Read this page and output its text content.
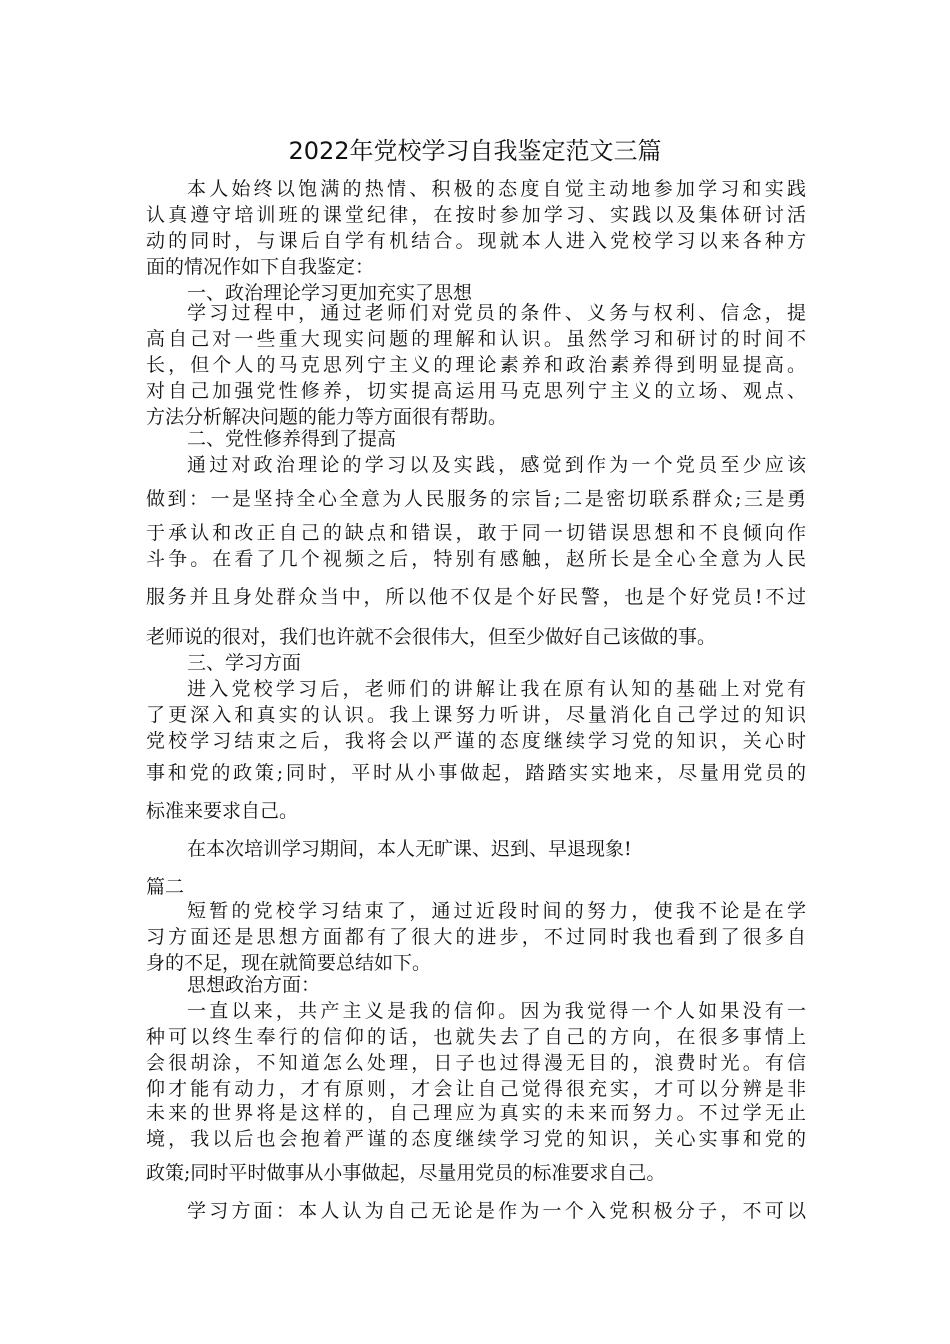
2022年党校学习自我鉴定范文三篇
本人始终以饱满的热情、积极的态度自觉主动地参加学习和实践
认真遵守培训班的课堂纪律，在按时参加学习、实践以及集体研讨活
动的同时，与课后自学有机结合。现就本人进入党校学习以来各种方
面的情况作如下自我鉴定：
一、政治理论学习更加充实了思想
学习过程中，通过老师们对党员的条件、义务与权利、信念，提
高自己对一些重大现实问题的理解和认识。虽然学习和研讨的时间不
长，但个人的马克思列宁主义的理论素养和政治素养得到明显提高。
对自己加强党性修养，切实提高运用马克思列宁主义的立场、观点、
方法分析解决问题的能力等方面很有帮助。
二、党性修养得到了提高
通过对政治理论的学习以及实践，感觉到作为一个党员至少应该
做到：一是坚持全心全意为人民服务的宗旨;二是密切联系群众;三是勇
于承认和改正自己的缺点和错误，敢于同一切错误思想和不良倾向作
斗争。在看了几个视频之后，特别有感触，赵所长是全心全意为人民
服务并且身处群众当中，所以他不仅是个好民警，也是个好党员!不过
老师说的很对，我们也许就不会很伟大，但至少做好自己该做的事。
三、学习方面
进入党校学习后，老师们的讲解让我在原有认知的基础上对党有
了更深入和真实的认识。我上课努力听讲，尽量消化自己学过的知识
党校学习结束之后，我将会以严谨的态度继续学习党的知识，关心时
事和党的政策;同时，平时从小事做起，踏踏实实地来，尽量用党员的
标准来要求自己。
在本次培训学习期间，本人无旷课、迟到、早退现象!
篇二
短暂的党校学习结束了，通过近段时间的努力，使我不论是在学
习方面还是思想方面都有了很大的进步，不过同时我也看到了很多自
身的不足，现在就简要总结如下。
思想政治方面：
一直以来，共产主义是我的信仰。因为我觉得一个人如果没有一
种可以终生奉行的信仰的话，也就失去了自己的方向，在很多事情上
会很胡涂，不知道怎么处理，日子也过得漫无目的，浪费时光。有信
仰才能有动力，才有原则，才会让自己觉得很充实，才可以分辨是非
未来的世界将是这样的，自己理应为真实的未来而努力。不过学无止
境，我以后也会抱着严谨的态度继续学习党的知识，关心实事和党的
政策;同时平时做事从小事做起，尽量用党员的标准要求自己。
学习方面：本人认为自己无论是作为一个入党积极分子，不可以
